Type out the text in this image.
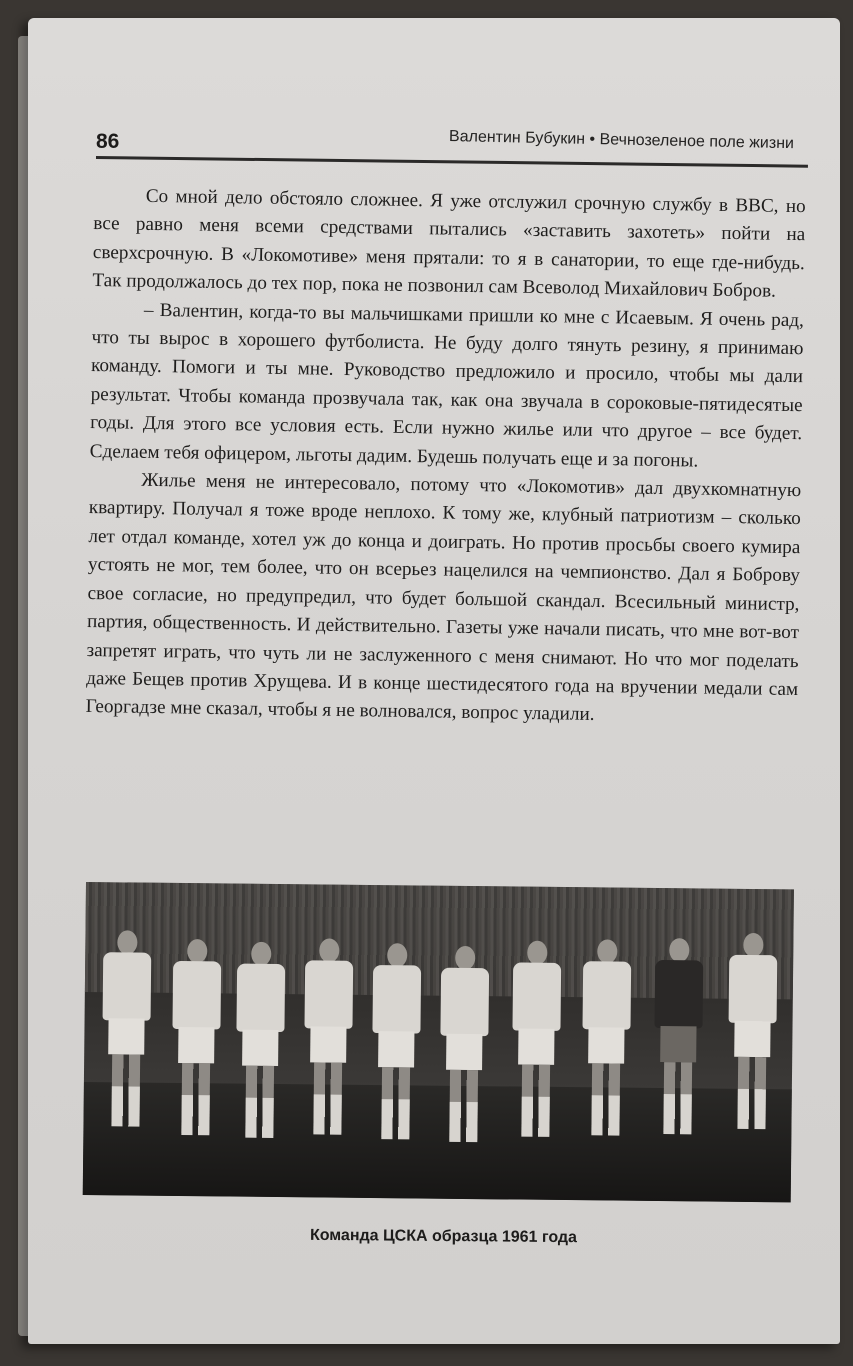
86	Валентин Бубукин • Вечнозеленое поле жизни

Со мной дело обстояло сложнее. Я уже отслужил срочную службу в ВВС, но все равно меня всеми средствами пытались «заставить захотеть» пойти на сверхсрочную. В «Локомотиве» меня прятали: то я в санатории, то еще где-нибудь. Так продолжалось до тех пор, пока не позвонил сам Всеволод Михайлович Бобров.

– Валентин, когда-то вы мальчишками пришли ко мне с Исаевым. Я очень рад, что ты вырос в хорошего футболиста. Не буду долго тянуть резину, я принимаю команду. Помоги и ты мне. Руководство предложило и просило, чтобы мы дали результат. Чтобы команда прозвучала так, как она звучала в сороковые-пятидесятые годы. Для этого все условия есть. Если нужно жилье или что другое – все будет. Сделаем тебя офицером, льготы дадим. Будешь получать еще и за погоны.

Жилье меня не интересовало, потому что «Локомотив» дал двухкомнатную квартиру. Получал я тоже вроде неплохо. К тому же, клубный патриотизм – сколько лет отдал команде, хотел уж до конца и доиграть. Но против просьбы своего кумира устоять не мог, тем более, что он всерьез нацелился на чемпионство. Дал я Боброву свое согласие, но предупредил, что будет большой скандал. Всесильный министр, партия, общественность. И действительно. Газеты уже начали писать, что мне вот-вот запретят играть, что чуть ли не заслуженного с меня снимают. Но что мог поделать даже Бещев против Хрущева. И в конце шестидесятого года на вручении медали сам Георгадзе мне сказал, чтобы я не волновался, вопрос уладили.

Команда ЦСКА образца 1961 года
